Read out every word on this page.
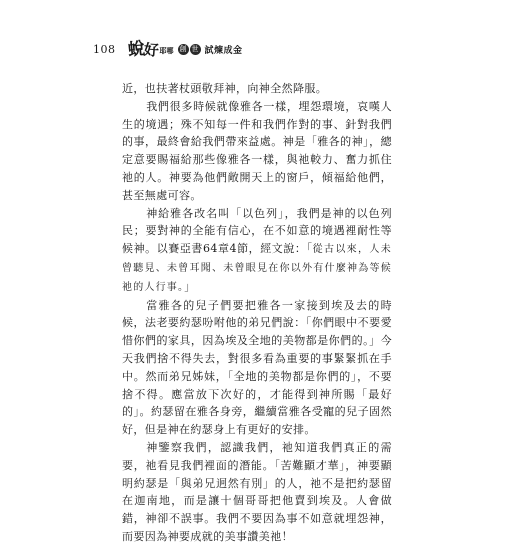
108 蛻好 耶哪 創 世 試煉成金

近，也扶著杖頭敬拜神，向神全然降服。

我們很多時候就像雅各一樣，埋怨環境，哀嘆人生的境遇；殊不知每一件和我們作對的事、針對我們的事，最終會給我們帶來益處。神是「雅各的神」，總定意要賜福給那些像雅各一樣，與祂較力、奮力抓住祂的人。神要為他們敞開天上的窗戶，傾福給他們，甚至無處可容。

神給雅各改名叫「以色列」，我們是神的以色列民；要對神的全能有信心，在不如意的境遇裡耐性等候神。以賽亞書64章4節，經文說：「從古以來，人未曾聽見、未曾耳聞、未曾眼見在你以外有什麼神為等候祂的人行事。」

當雅各的兒子們要把雅各一家接到埃及去的時候，法老要約瑟吩咐他的弟兄們說：「你們眼中不要愛惜你們的家具，因為埃及全地的美物都是你們的。」今天我們捨不得失去，對很多看為重要的事緊緊抓在手中。然而弟兄姊妹，「全地的美物都是你們的」，不要捨不得。應當放下次好的，才能得到神所賜「最好的」。約瑟留在雅各身旁，繼續當雅各受寵的兒子固然好，但是神在約瑟身上有更好的安排。

神鑒察我們，認識我們，祂知道我們真正的需要，祂看見我們裡面的潛能。「苦難顯才華」，神要顯明約瑟是「與弟兄迥然有別」的人，祂不是把約瑟留在迦南地，而是讓十個哥哥把他賣到埃及。人會做錯，神卻不誤事。我們不要因為事不如意就埋怨神，而要因為神要成就的美事讚美祂！
